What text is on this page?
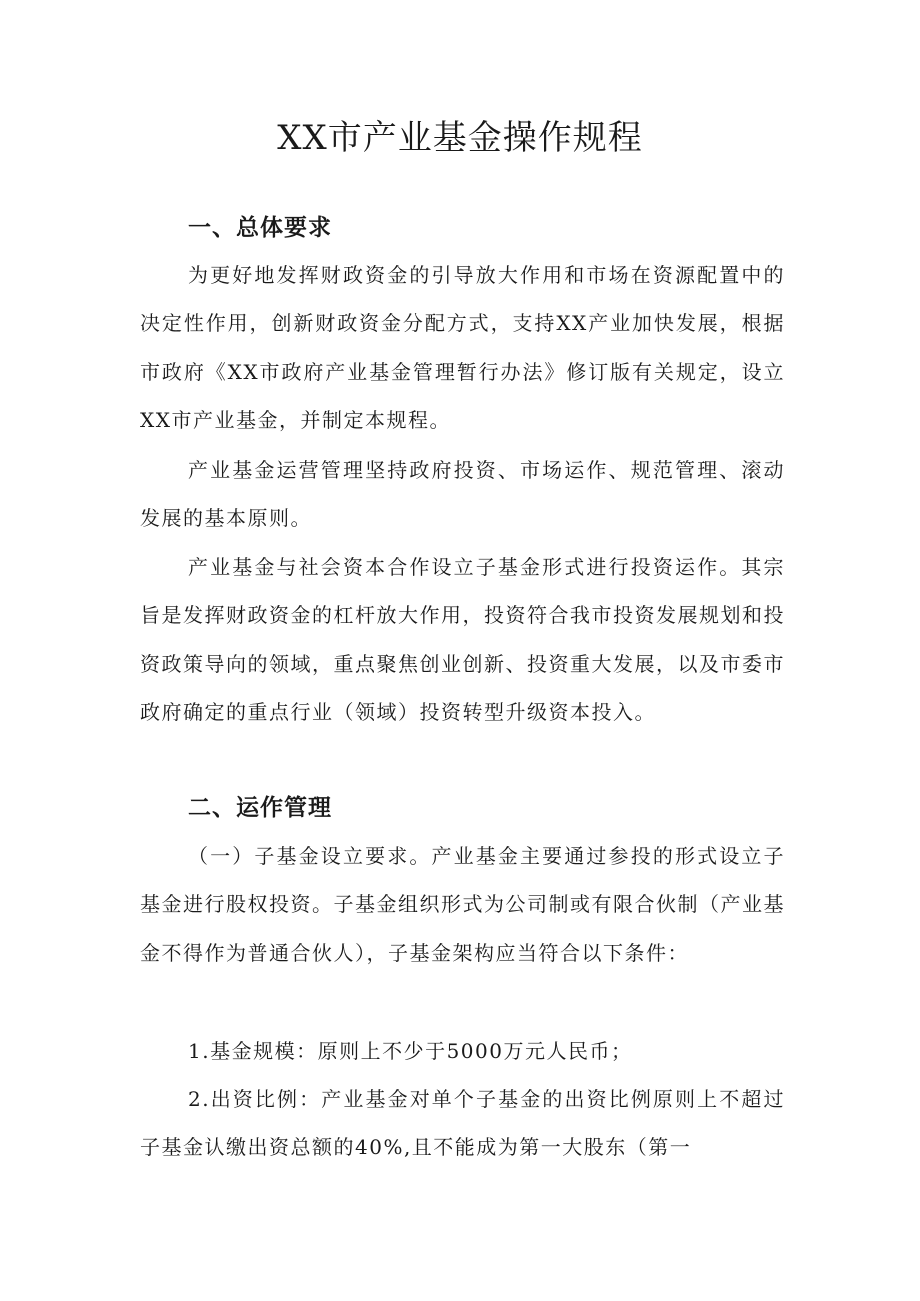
XX市产业基金操作规程
一、总体要求

为更好地发挥财政资金的引导放大作用和市场在资源配置中的决定性作用，创新财政资金分配方式，支持XX产业加快发展，根据市政府《XX市政府产业基金管理暂行办法》修订版有关规定，设立XX市产业基金，并制定本规程。

产业基金运营管理坚持政府投资、市场运作、规范管理、滚动发展的基本原则。

产业基金与社会资本合作设立子基金形式进行投资运作。其宗旨是发挥财政资金的杠杆放大作用，投资符合我市投资发展规划和投资政策导向的领域，重点聚焦创业创新、投资重大发展，以及市委市政府确定的重点行业（领域）投资转型升级资本投入。

二、运作管理

（一）子基金设立要求。产业基金主要通过参投的形式设立子基金进行股权投资。子基金组织形式为公司制或有限合伙制（产业基金不得作为普通合伙人），子基金架构应当符合以下条件：

1.基金规模：原则上不少于5000万元人民币；

2.出资比例：产业基金对单个子基金的出资比例原则上不超过子基金认缴出资总额的40%,且不能成为第一大股东（第一
